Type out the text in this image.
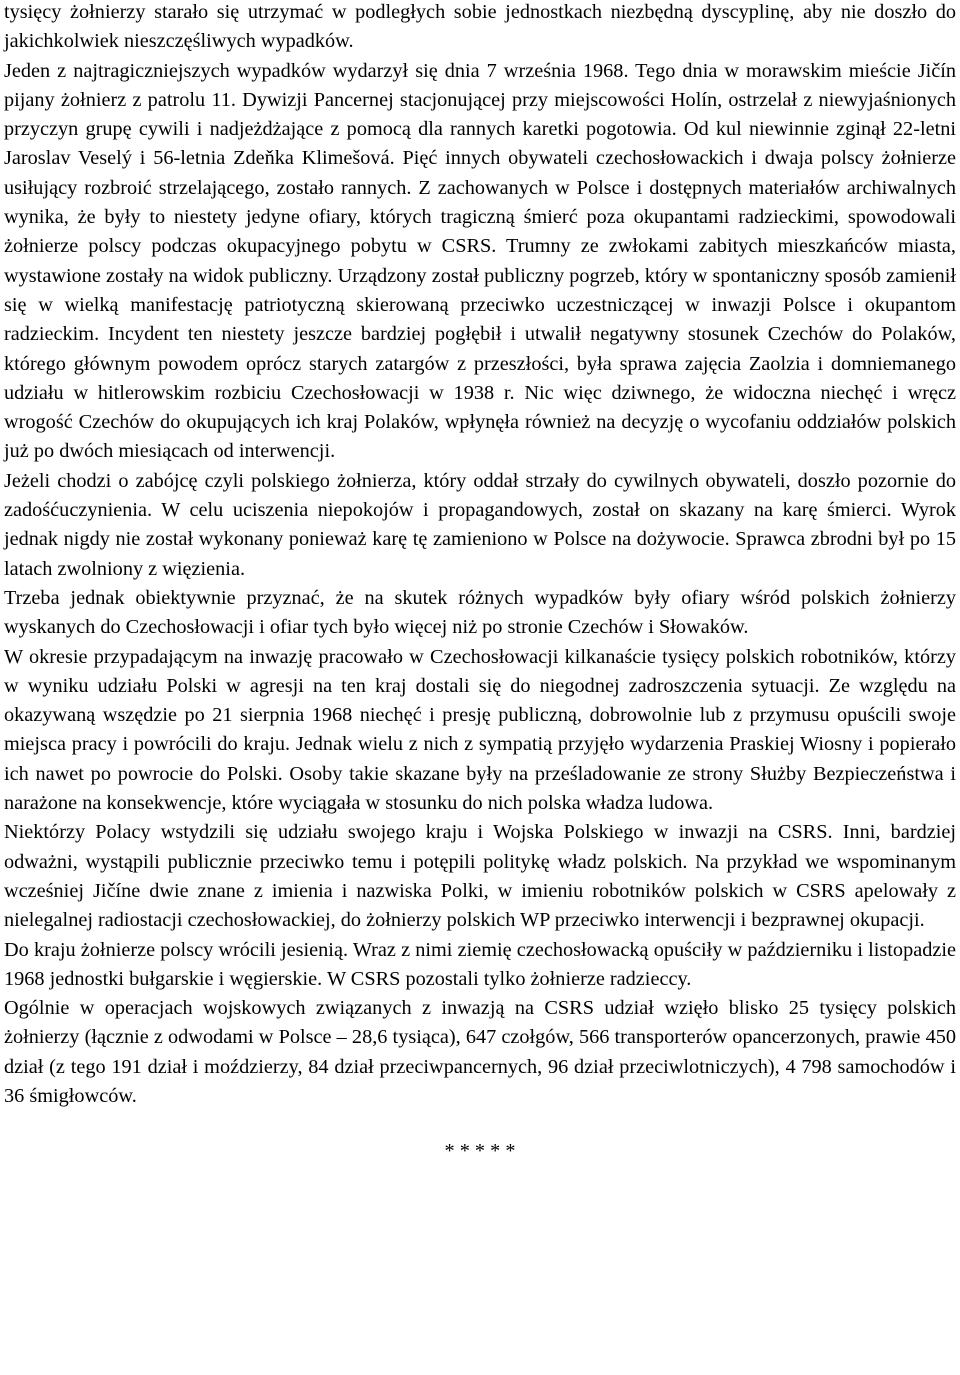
tysięcy żołnierzy starało się utrzymać w podległych sobie jednostkach niezbędną dyscyplinę, aby nie doszło do jakichkolwiek nieszczęśliwych wypadków.

Jeden z najtragiczniejszych wypadków wydarzył się dnia 7 września 1968. Tego dnia w morawskim mieście Jičín pijany żołnierz z patrolu 11. Dywizji Pancernej stacjonującej przy miejscowości Holín, ostrzelał z niewyjaśnionych przyczyn grupę cywili i nadjeżdżające z pomocą dla rannych karetki pogotowia. Od kul niewinnie zginął 22-letni Jaroslav Veselý i 56-letnia Zdeňka Klimešová. Pięć innych obywateli czechosłowackich i dwaja polscy żołnierze usiłujący rozbroić strzelającego, zostało rannych. Z zachowanych w Polsce i dostępnych materiałów archiwalnych wynika, że były to niestety jedyne ofiary, których tragiczną śmierć poza okupantami radzieckimi, spowodowali żołnierze polscy podczas okupacyjnego pobytu w CSRS. Trumny ze zwłokami zabitych mieszkańców miasta, wystawione zostały na widok publiczny. Urządzony został publiczny pogrzeb, który w spontaniczny sposób zamienił się w wielką manifestację patriotyczną skierowaną przeciwko uczestniczącej w inwazji Polsce i okupantom radzieckim. Incydent ten niestety jeszcze bardziej pogłębił i utwalił negatywny stosunek Czechów do Polaków, którego głównym powodem oprócz starych zatargów z przeszłości, była sprawa zajęcia Zaolzia i domniemanego udziału w hitlerowskim rozbiciu Czechosłowacji w 1938 r. Nic więc dziwnego, że widoczna niechęć i wręcz wrogość Czechów do okupujących ich kraj Polaków, wpłynęła również na decyzję o wycofaniu oddziałów polskich już po dwóch miesiącach od interwencji.

Jeżeli chodzi o zabójcę czyli polskiego żołnierza, który oddał strzały do cywilnych obywateli, doszło pozornie do zadośćuczynienia. W celu uciszenia niepokojów i propagandowych, został on skazany na karę śmierci. Wyrok jednak nigdy nie został wykonany ponieważ karę tę zamieniono w Polsce na dożywocie. Sprawca zbrodni był po 15 latach zwolniony z więzienia.

Trzeba jednak obiektywnie przyznać, że na skutek różnych wypadków były ofiary wśród polskich żołnierzy wyskanych do Czechosłowacji i ofiar tych było więcej niż po stronie Czechów i Słowaków.

W okresie przypadającym na inwazję pracowało w Czechosłowacji kilkanaście tysięcy polskich robotników, którzy w wyniku udziału Polski w agresji na ten kraj dostali się do niegodnej zadroszczenia sytuacji. Ze względu na okazywaną wszędzie po 21 sierpnia 1968 niechęć i presję publiczną, dobrowolnie lub z przymusu opuścili swoje miejsca pracy i powrócili do kraju. Jednak wielu z nich z sympatią przyjęło wydarzenia Praskiej Wiosny i popierało ich nawet po powrocie do Polski. Osoby takie skazane były na prześladowanie ze strony Służby Bezpieczeństwa i narażone na konsekwencje, które wyciągała w stosunku do nich polska władza ludowa.

Niektórzy Polacy wstydzili się udziału swojego kraju i Wojska Polskiego w inwazji na CSRS. Inni, bardziej odważni, wystąpili publicznie przeciwko temu i potępili politykę władz polskich. Na przykład we wspominanym wcześniej Jičíne dwie znane z imienia i nazwiska Polki, w imieniu robotników polskich w CSRS apelowały z nielegalnej radiostacji czechosłowackiej, do żołnierzy polskich WP przeciwko interwencji i bezprawnej okupacji.

Do kraju żołnierze polscy wrócili jesienią. Wraz z nimi ziemię czechosłowacką opuściły w październiku i listopadzie 1968 jednostki bułgarskie i węgierskie. W CSRS pozostali tylko żołnierze radzieccy.

Ogólnie w operacjach wojskowych związanych z inwazją na CSRS udział wzięło blisko 25 tysięcy polskich żołnierzy (łącznie z odwodami w Polsce – 28,6 tysiąca), 647 czołgów, 566 transporterów opancerzonych, prawie 450 dział (z tego 191 dział i moździerzy, 84 dział przeciwpancernych, 96 dział przeciwlotniczych), 4 798 samochodów i 36 śmigłowców.

* * * * *
